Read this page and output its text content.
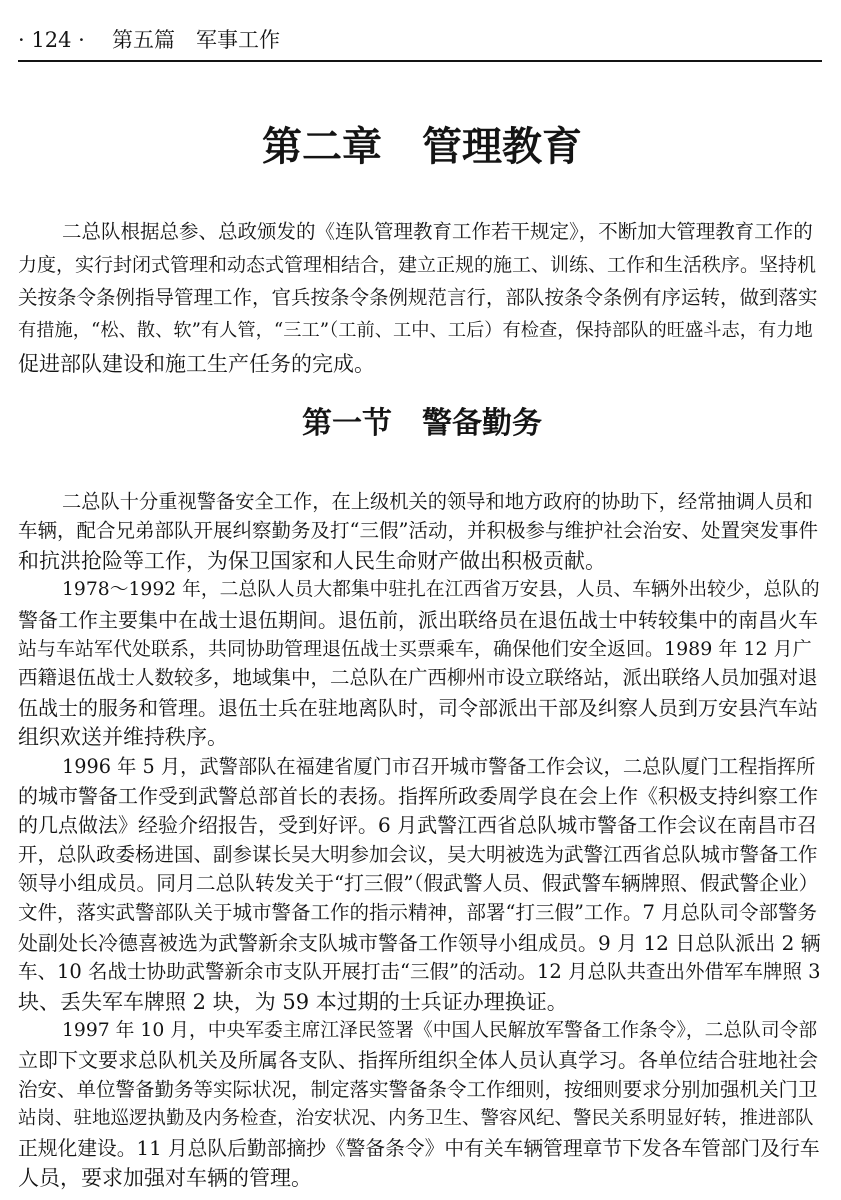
· 124 · 第五篇 军事工作
第二章　管理教育
二总队根据总参、总政颁发的《连队管理教育工作若干规定》，不断加大管理教育工作的
力度，实行封闭式管理和动态式管理相结合，建立正规的施工、训练、工作和生活秩序。坚持机
关按条令条例指导管理工作，官兵按条令条例规范言行，部队按条令条例有序运转，做到落实
有措施，“松、散、软”有人管，“三工”（工前、工中、工后）有检查，保持部队的旺盛斗志，有力地
促进部队建设和施工生产任务的完成。
第一节　警备勤务
二总队十分重视警备安全工作，在上级机关的领导和地方政府的协助下，经常抽调人员和
车辆，配合兄弟部队开展纠察勤务及打“三假”活动，并积极参与维护社会治安、处置突发事件
和抗洪抢险等工作，为保卫国家和人民生命财产做出积极贡献。
1978～1992 年，二总队人员大都集中驻扎在江西省万安县，人员、车辆外出较少，总队的
警备工作主要集中在战士退伍期间。退伍前，派出联络员在退伍战士中转较集中的南昌火车
站与车站军代处联系，共同协助管理退伍战士买票乘车，确保他们安全返回。1989 年 12 月广
西籍退伍战士人数较多，地域集中，二总队在广西柳州市设立联络站，派出联络人员加强对退
伍战士的服务和管理。退伍士兵在驻地离队时，司令部派出干部及纠察人员到万安县汽车站
组织欢送并维持秩序。
1996 年 5 月，武警部队在福建省厦门市召开城市警备工作会议，二总队厦门工程指挥所
的城市警备工作受到武警总部首长的表扬。指挥所政委周学良在会上作《积极支持纠察工作
的几点做法》经验介绍报告，受到好评。6 月武警江西省总队城市警备工作会议在南昌市召
开，总队政委杨进国、副参谋长吴大明参加会议，吴大明被选为武警江西省总队城市警备工作
领导小组成员。同月二总队转发关于“打三假”（假武警人员、假武警车辆牌照、假武警企业）
文件，落实武警部队关于城市警备工作的指示精神，部署“打三假”工作。7 月总队司令部警务
处副处长冷德喜被选为武警新余支队城市警备工作领导小组成员。9 月 12 日总队派出 2 辆
车、10 名战士协助武警新余市支队开展打击“三假”的活动。12 月总队共查出外借军车牌照 3
块、丢失军车牌照 2 块，为 59 本过期的士兵证办理换证。
1997 年 10 月，中央军委主席江泽民签署《中国人民解放军警备工作条令》，二总队司令部
立即下文要求总队机关及所属各支队、指挥所组织全体人员认真学习。各单位结合驻地社会
治安、单位警备勤务等实际状况，制定落实警备条令工作细则，按细则要求分别加强机关门卫
站岗、驻地巡逻执勤及内务检查，治安状况、内务卫生、警容风纪、警民关系明显好转，推进部队
正规化建设。11 月总队后勤部摘抄《警备条令》中有关车辆管理章节下发各车管部门及行车
人员，要求加强对车辆的管理。
